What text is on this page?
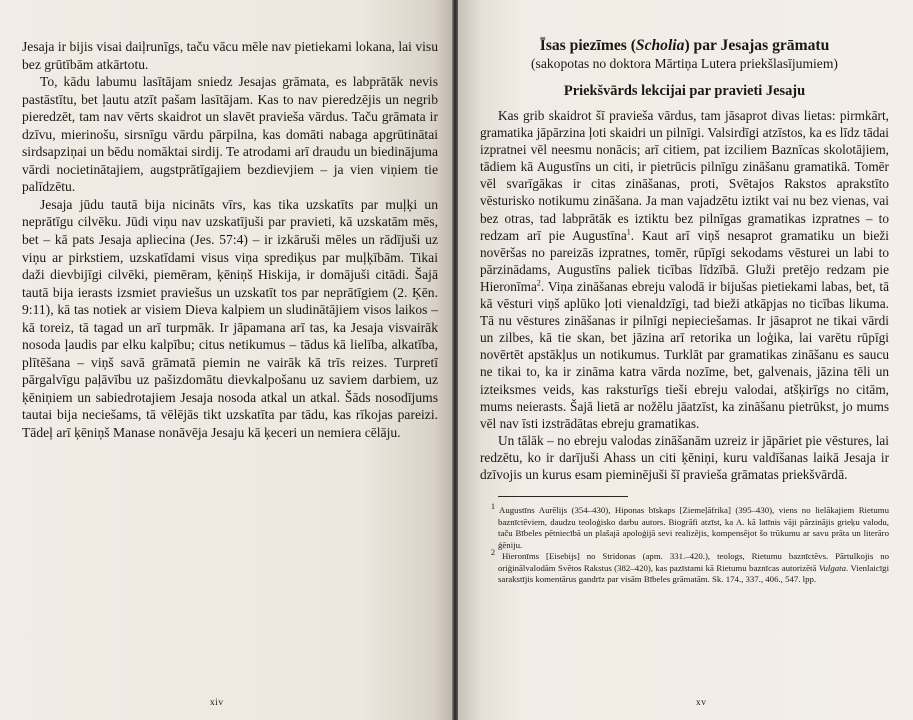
Jesaja ir bijis visai daiļrunīgs, taču vācu mēle nav pietiekami lokana, lai visu bez grūtībām atkārtotu.

To, kādu labumu lasītājam sniedz Jesajas grāmata, es labprātāk nevis pastāstītu, bet ļautu atzīt pašam lasītājam. Kas to nav pieredzējis un negrib pieredzēt, tam nav vērts skaidrot un slavēt pravieša vārdus. Taču grāmata ir dzīvu, mierinošu, sirsnīgu vārdu pārpilna, kas domāti nabaga apgrūtinātai sirdsapziņai un bēdu nomāktai sirdij. Te atrodami arī draudu un biedinājuma vārdi nocietinātajiem, augstprātīgajiem bezdievjiem – ja vien viņiem tie palīdzētu.

Jesaja jūdu tautā bija nicināts vīrs, kas tika uzskatīts par muļķi un neprātīgu cilvēku. Jūdi viņu nav uzskatījuši par pravieti, kā uzskatām mēs, bet – kā pats Jesaja apliecina (Jes. 57:4) – ir izkāruši mēles un rādījuši uz viņu ar pirkstiem, uzskatīdami visus viņa sprediķus par muļķībām. Tikai daži dievbijīgi cilvēki, piemēram, ķēniņš Hiskija, ir domājuši citādi. Šajā tautā bija ierasts izsmiet praviešus un uzskatīt tos par neprātīgiem (2. Ķēn. 9:11), kā tas notiek ar visiem Dieva kalpiem un sludinātājiem visos laikos – kā toreiz, tā tagad un arī turpmāk. Ir jāpamana arī tas, ka Jesaja visvairāk nosoda ļaudis par elku kalpību; citus netikumus – tādus kā lielība, alkatība, plītēšana – viņš savā grāmatā piemin ne vairāk kā trīs reizes. Turpretī pārgalvīgu paļāvību uz pašizdomātu dievkalpošanu uz saviem darbiem, uz ķēniņiem un sabiedrotajiem Jesaja nosoda atkal un atkal. Šāds nosodījums tautai bija neciešams, tā vēlējās tikt uzskatīta par tādu, kas rīkojas pareizi. Tādeļ arī ķēniņš Manase nonāvēja Jesaju kā ķeceri un nemiera cēlāju.

xiv
Īsas piezīmes (Scholia) par Jesajas grāmatu

(sakopotas no doktora Mārtiņa Lutera priekšlasījumiem)

Priekšvārds lekcijai par pravieti Jesaju

Kas grib skaidrot šī pravieša vārdus, tam jāsaprot divas lietas: pirmkārt, gramatika jāpārzina ļoti skaidri un pilnīgi. Valsirdīgi atzīstos, ka es līdz tādai izpratnei vēl neesmu nonācis; arī citiem, pat izciliem Baznīcas skolotājiem, tādiem kā Augustīns un citi, ir pietrūcis pilnīgu zināšanu gramatikā. Tomēr vēl svarīgākas ir citas zināšanas, proti, Svētajos Rakstos aprakstīto vēsturisko notikumu zināšana. Ja man vajadzētu iztikt vai nu bez vienas, vai bez otras, tad labprātāk es iztiktu bez pilnīgas gramatikas izpratnes – to redzam arī pie Augustīna$^1$. Kaut arī viņš nesaprot gramatiku un bieži novēršas no pareizās izpratnes, tomēr, rūpīgi sekodams vēsturei un labi to pārzinādams, Augustīns paliek ticības līdzībā. Gluži pretējo redzam pie Hieronīma$^2$. Viņa zināšanas ebreju valodā ir bijušas pietiekami labas, bet, tā kā vēsturi viņš aplūko ļoti vienaldzīgi, tad bieži atkāpjas no ticības likuma. Tā nu vēstures zināšanas ir pilnīgi nepieciešamas. Ir jāsaprot ne tikai vārdi un zilbes, kā tie skan, bet jāzina arī retorika un loģika, lai varētu rūpīgi novērtēt apstākļus un notikumus. Turklāt par gramatikas zināšanu es saucu ne tikai to, ka ir zināma katra vārda nozīme, bet, galvenais, jāzina tēli un izteiksmes veids, kas raksturīgs tieši ebreju valodai, atšķirīgs no citām, mums neierasts. Šajā lietā ar nožēlu jāatzīst, ka zināšanu pietrūkst, jo mums vēl nav īsti izstrādātas ebreju gramatikas.

Un tālāk – no ebreju valodas zināšanām uzreiz ir jāpāriet pie vēstures, lai redzētu, ko ir darījuši Ahass un citi ķēniņi, kuru valdīšanas laikā Jesaja ir dzīvojis un kurus esam pieminējuši šī pravieša grāmatas priekšvārdā.

$^1$ Augustīns Aurēlijs (354–430), Hiponas bīskaps [Ziemeļāfrika] (395–430), viens no lielākajiem Rietumu baznīctēviem, daudzu teoloģisko darbu autors. Biogrāfi atzīst, ka A. kā latīnis vāji pārzinājis grieķu valodu, taču Bībeles pētniecībā un plašajā apoloģijā sevi realizējis, kompensējot šo trūkumu ar savu prāta un literāro ģēniju.

$^2$ Hieronīms [Eisebijs] no Stridonas (apm. 331.–420.), teologs, Rietumu baznīctēvs. Pārtulkojis no oriģinālvalodām Svētos Rakstus (382–420), kas pazīstami kā Rietumu baznīcas autorizētā Vulgata. Vienlaicīgi sarakstījis komentārus gandrīz par visām Bībeles grāmatām. Sk. 174., 337., 406., 547. lpp.

xv
